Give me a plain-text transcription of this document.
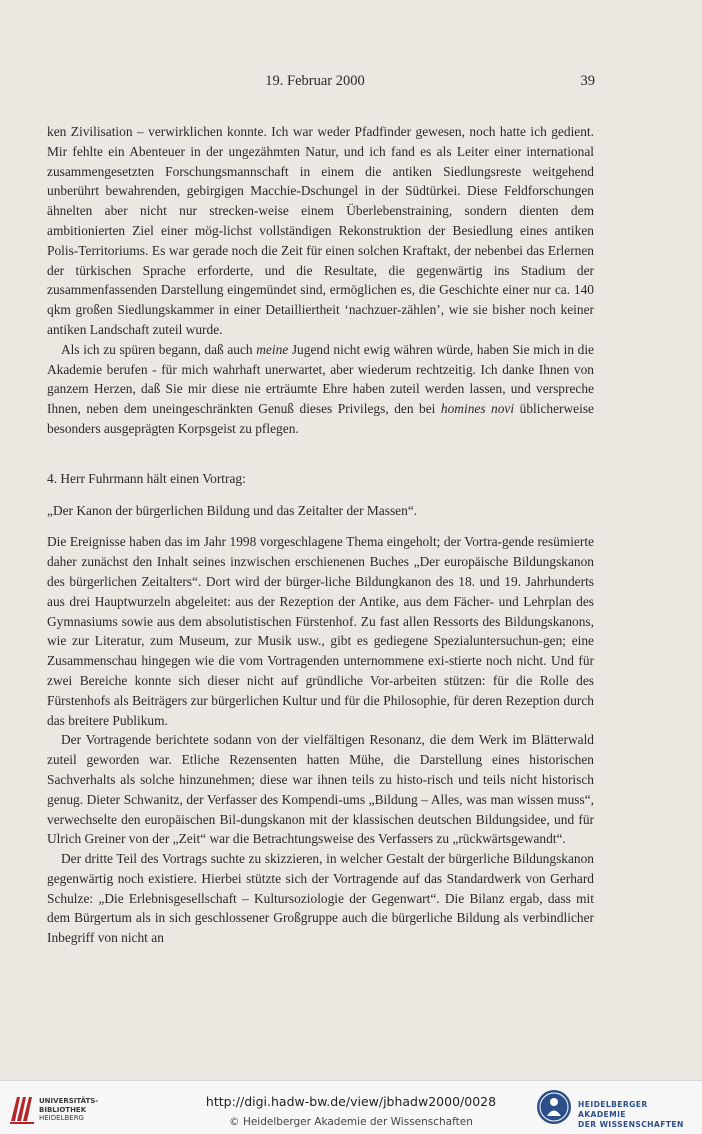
19. Februar 2000	39

ken Zivilisation – verwirklichen konnte. Ich war weder Pfadfinder gewesen, noch hatte ich gedient. Mir fehlte ein Abenteuer in der ungezähmten Natur, und ich fand es als Leiter einer international zusammengesetzten Forschungsmannschaft in einem die antiken Siedlungsreste weitgehend unberührt bewahrenden, gebirgigen Macchie-Dschungel in der Südtürkei. Diese Feldforschungen ähnelten aber nicht nur strecken-weise einem Überlebenstraining, sondern dienten dem ambitionierten Ziel einer mög-lichst vollständigen Rekonstruktion der Besiedlung eines antiken Polis-Territoriums. Es war gerade noch die Zeit für einen solchen Kraftakt, der nebenbei das Erlernen der türkischen Sprache erforderte, und die Resultate, die gegenwärtig ins Stadium der zusammenfassenden Darstellung eingemündet sind, ermöglichen es, die Geschichte einer nur ca. 140 qkm großen Siedlungskammer in einer Detailliertheit ‘nachzuer-zählen’, wie sie bisher noch keiner antiken Landschaft zuteil wurde.

Als ich zu spüren begann, daß auch meine Jugend nicht ewig währen würde, haben Sie mich in die Akademie berufen - für mich wahrhaft unerwartet, aber wiederum rechtzeitig. Ich danke Ihnen von ganzem Herzen, daß Sie mir diese nie erträumte Ehre haben zuteil werden lassen, und verspreche Ihnen, neben dem uneingeschränkten Genuß dieses Privilegs, den bei homines novi üblicherweise besonders ausgeprägten Korpsgeist zu pflegen.

4. Herr Fuhrmann hält einen Vortrag:

„Der Kanon der bürgerlichen Bildung und das Zeitalter der Massen“.

Die Ereignisse haben das im Jahr 1998 vorgeschlagene Thema eingeholt; der Vortra-gende resümierte daher zunächst den Inhalt seines inzwischen erschienenen Buches „Der europäische Bildungskanon des bürgerlichen Zeitalters“. Dort wird der bürger-liche Bildungkanon des 18. und 19. Jahrhunderts aus drei Hauptwurzeln abgeleitet: aus der Rezeption der Antike, aus dem Fächer- und Lehrplan des Gymnasiums sowie aus dem absolutistischen Fürstenhof. Zu fast allen Ressorts des Bildungskanons, wie zur Literatur, zum Museum, zur Musik usw., gibt es gediegene Spezialuntersuchun-gen; eine Zusammenschau hingegen wie die vom Vortragenden unternommene exi-stierte noch nicht. Und für zwei Bereiche konnte sich dieser nicht auf gründliche Vor-arbeiten stützen: für die Rolle des Fürstenhofs als Beiträgers zur bürgerlichen Kultur und für die Philosophie, für deren Rezeption durch das breitere Publikum.

Der Vortragende berichtete sodann von der vielfältigen Resonanz, die dem Werk im Blätterwald zuteil geworden war. Etliche Rezensenten hatten Mühe, die Darstellung eines historischen Sachverhalts als solche hinzunehmen; diese war ihnen teils zu histo-risch und teils nicht historisch genug. Dieter Schwanitz, der Verfasser des Kompendi-ums „Bildung – Alles, was man wissen muss“, verwechselte den europäischen Bil-dungskanon mit der klassischen deutschen Bildungsidee, und für Ulrich Greiner von der „Zeit“ war die Betrachtungsweise des Verfassers zu „rückwärtsgewandt“.

Der dritte Teil des Vortrags suchte zu skizzieren, in welcher Gestalt der bürgerliche Bildungskanon gegenwärtig noch existiere. Hierbei stützte sich der Vortragende auf das Standardwerk von Gerhard Schulze: „Die Erlebnisgesellschaft – Kultursoziologie der Gegenwart“. Die Bilanz ergab, dass mit dem Bürgertum als in sich geschlossener Großgruppe auch die bürgerliche Bildung als verbindlicher Inbegriff von nicht an

UNIVERSITÄTS-
BIBLIOTHEK
HEIDELBERG
http://digi.hadw-bw.de/view/jbhadw2000/0028
© Heidelberger Akademie der Wissenschaften
HEIDELBERGER AKADEMIE
DER WISSENSCHAFTEN
